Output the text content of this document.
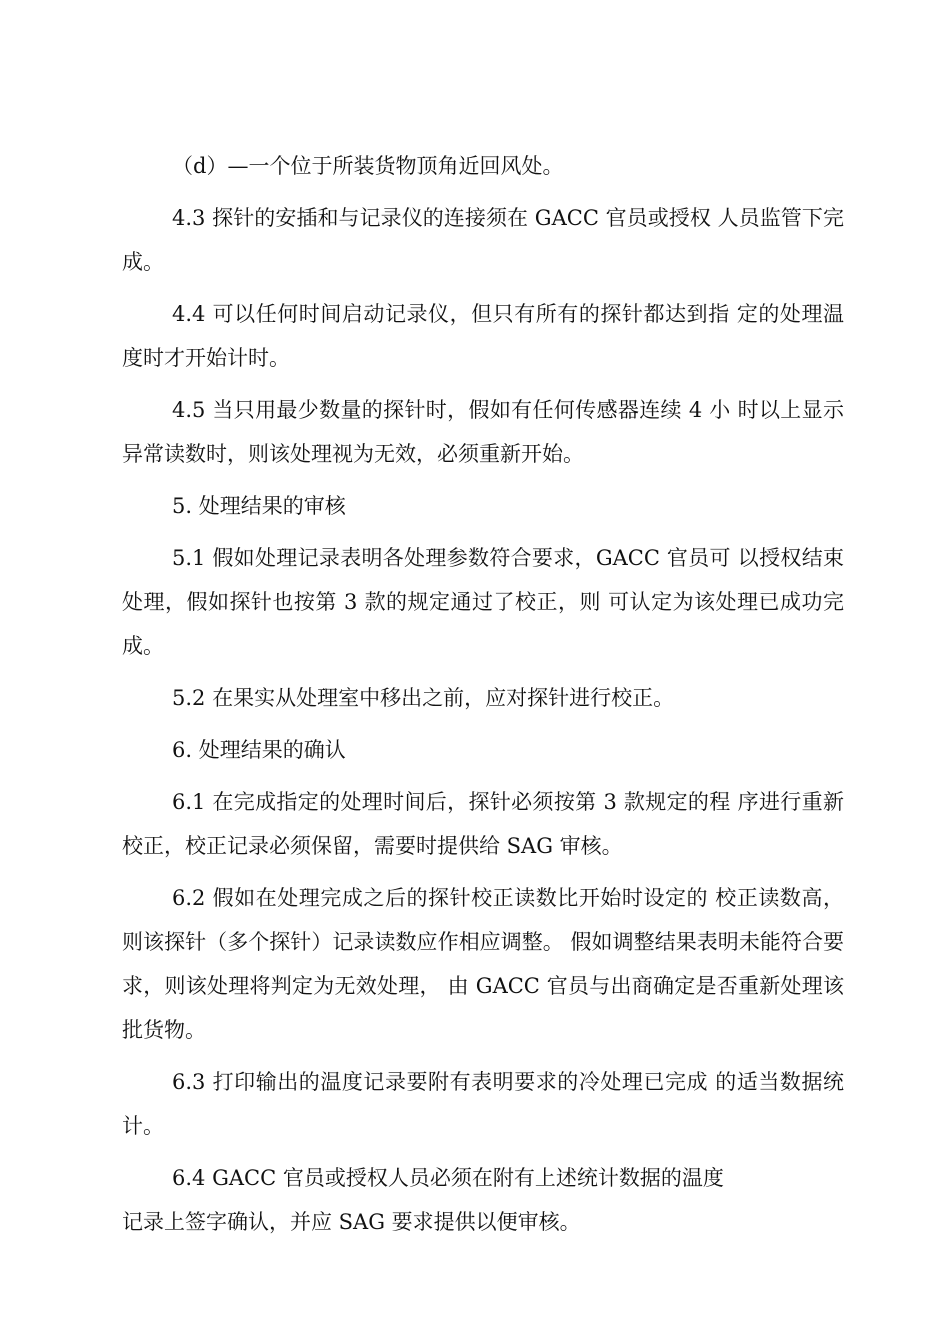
（d）—一个位于所装货物顶角近回风处。

4.3 探针的安插和与记录仪的连接须在 GACC 官员或授权 人员监管下完成。

4.4 可以任何时间启动记录仪，但只有所有的探针都达到指 定的处理温度时才开始计时。

4.5 当只用最少数量的探针时，假如有任何传感器连续 4 小 时以上显示异常读数时，则该处理视为无效，必须重新开始。

5. 处理结果的审核

5.1 假如处理记录表明各处理参数符合要求，GACC 官员可 以授权结束处理，假如探针也按第 3 款的规定通过了校正，则 可认定为该处理已成功完成。

5.2 在果实从处理室中移出之前，应对探针进行校正。

6. 处理结果的确认

6.1 在完成指定的处理时间后，探针必须按第 3 款规定的程 序进行重新校正，校正记录必须保留，需要时提供给 SAG 审核。

6.2 假如在处理完成之后的探针校正读数比开始时设定的 校正读数高，则该探针（多个探针）记录读数应作相应调整。 假如调整结果表明未能符合要求，则该处理将判定为无效处理， 由 GACC 官员与出商确定是否重新处理该批货物。

6.3 打印输出的温度记录要附有表明要求的冷处理已完成 的适当数据统计。

6.4 GACC 官员或授权人员必须在附有上述统计数据的温度

记录上签字确认，并应 SAG 要求提供以便审核。
